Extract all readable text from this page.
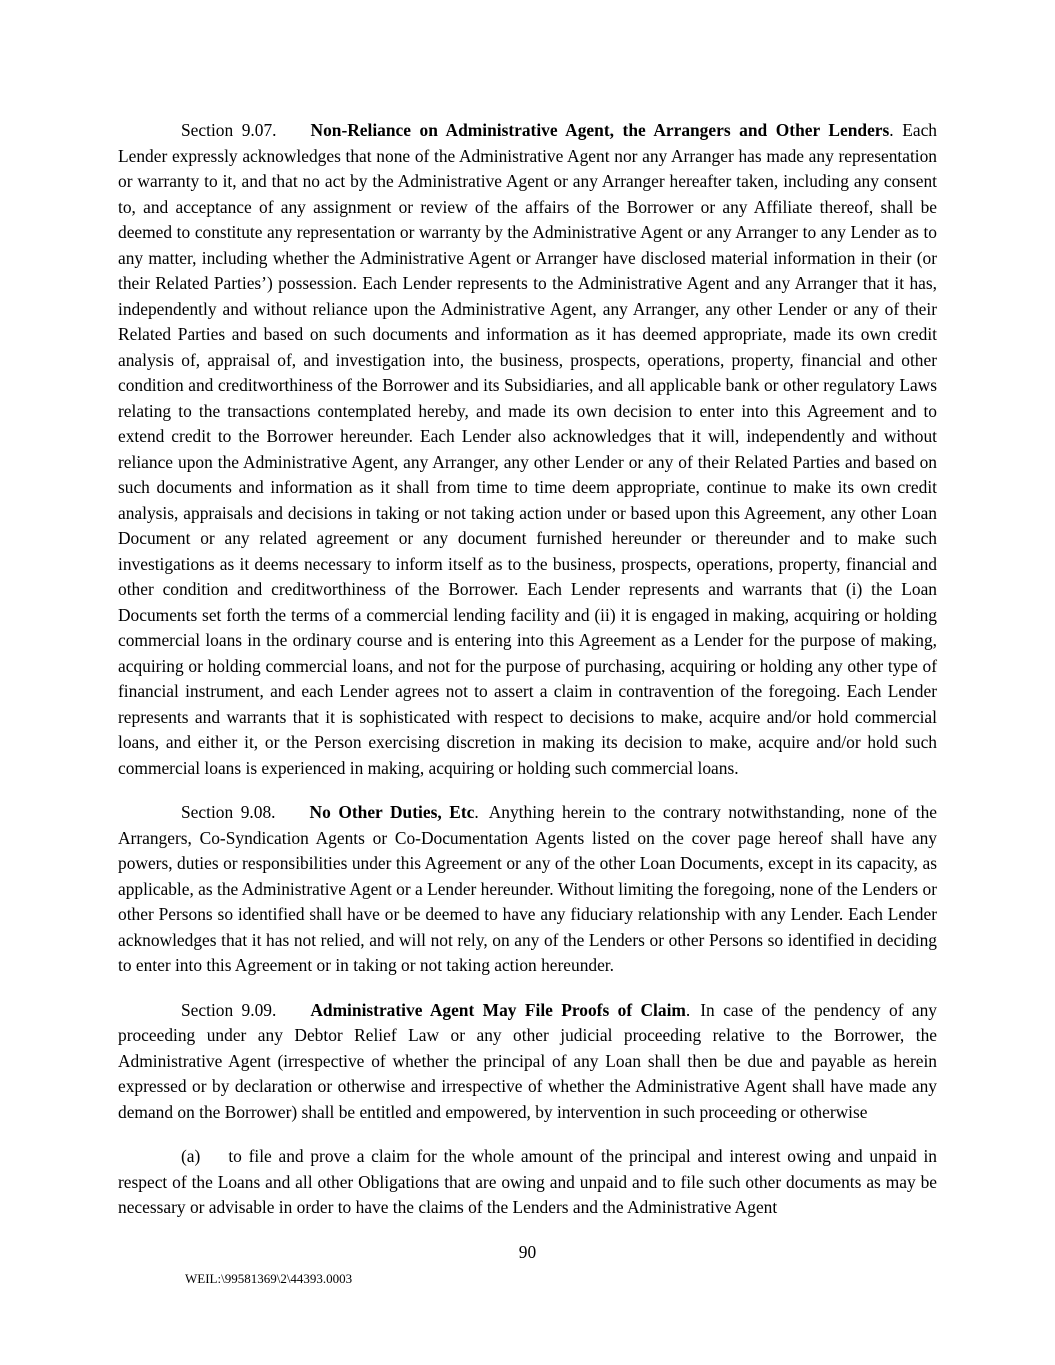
Section 9.07. Non-Reliance on Administrative Agent, the Arrangers and Other Lenders. Each Lender expressly acknowledges that none of the Administrative Agent nor any Arranger has made any representation or warranty to it, and that no act by the Administrative Agent or any Arranger hereafter taken, including any consent to, and acceptance of any assignment or review of the affairs of the Borrower or any Affiliate thereof, shall be deemed to constitute any representation or warranty by the Administrative Agent or any Arranger to any Lender as to any matter, including whether the Administrative Agent or Arranger have disclosed material information in their (or their Related Parties’) possession. Each Lender represents to the Administrative Agent and any Arranger that it has, independently and without reliance upon the Administrative Agent, any Arranger, any other Lender or any of their Related Parties and based on such documents and information as it has deemed appropriate, made its own credit analysis of, appraisal of, and investigation into, the business, prospects, operations, property, financial and other condition and creditworthiness of the Borrower and its Subsidiaries, and all applicable bank or other regulatory Laws relating to the transactions contemplated hereby, and made its own decision to enter into this Agreement and to extend credit to the Borrower hereunder. Each Lender also acknowledges that it will, independently and without reliance upon the Administrative Agent, any Arranger, any other Lender or any of their Related Parties and based on such documents and information as it shall from time to time deem appropriate, continue to make its own credit analysis, appraisals and decisions in taking or not taking action under or based upon this Agreement, any other Loan Document or any related agreement or any document furnished hereunder or thereunder and to make such investigations as it deems necessary to inform itself as to the business, prospects, operations, property, financial and other condition and creditworthiness of the Borrower. Each Lender represents and warrants that (i) the Loan Documents set forth the terms of a commercial lending facility and (ii) it is engaged in making, acquiring or holding commercial loans in the ordinary course and is entering into this Agreement as a Lender for the purpose of making, acquiring or holding commercial loans, and not for the purpose of purchasing, acquiring or holding any other type of financial instrument, and each Lender agrees not to assert a claim in contravention of the foregoing. Each Lender represents and warrants that it is sophisticated with respect to decisions to make, acquire and/or hold commercial loans, and either it, or the Person exercising discretion in making its decision to make, acquire and/or hold such commercial loans is experienced in making, acquiring or holding such commercial loans.

Section 9.08. No Other Duties, Etc. Anything herein to the contrary notwithstanding, none of the Arrangers, Co-Syndication Agents or Co-Documentation Agents listed on the cover page hereof shall have any powers, duties or responsibilities under this Agreement or any of the other Loan Documents, except in its capacity, as applicable, as the Administrative Agent or a Lender hereunder. Without limiting the foregoing, none of the Lenders or other Persons so identified shall have or be deemed to have any fiduciary relationship with any Lender. Each Lender acknowledges that it has not relied, and will not rely, on any of the Lenders or other Persons so identified in deciding to enter into this Agreement or in taking or not taking action hereunder.

Section 9.09. Administrative Agent May File Proofs of Claim. In case of the pendency of any proceeding under any Debtor Relief Law or any other judicial proceeding relative to the Borrower, the Administrative Agent (irrespective of whether the principal of any Loan shall then be due and payable as herein expressed or by declaration or otherwise and irrespective of whether the Administrative Agent shall have made any demand on the Borrower) shall be entitled and empowered, by intervention in such proceeding or otherwise

(a) to file and prove a claim for the whole amount of the principal and interest owing and unpaid in respect of the Loans and all other Obligations that are owing and unpaid and to file such other documents as may be necessary or advisable in order to have the claims of the Lenders and the Administrative Agent

90
WEIL:\99581369\2\44393.0003
